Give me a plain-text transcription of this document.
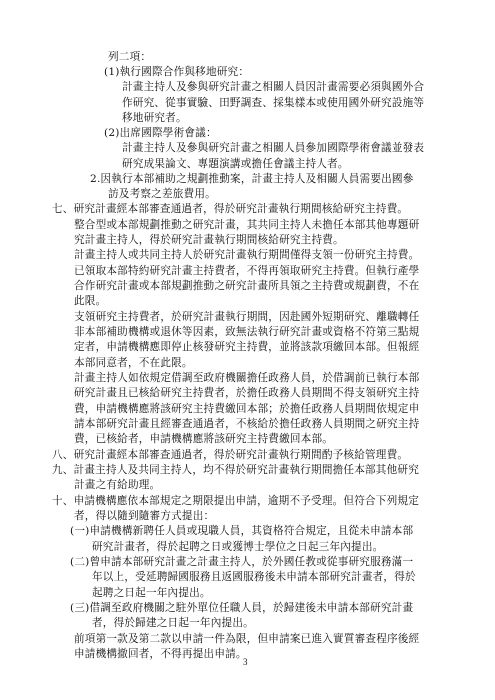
列二項：
(1)執行國際合作與移地研究：
計畫主持人及參與研究計畫之相關人員因計畫需要必須與國外合
作研究、從事實驗、田野調查、採集樣本或使用國外研究設施等
移地研究者。
(2)出席國際學術會議：
計畫主持人及參與研究計畫之相關人員參加國際學術會議並發表
研究成果論文、專題演講或擔任會議主持人者。
2.因執行本部補助之規劃推動案，計畫主持人及相關人員需要出國參
訪及考察之差旅費用。
七、研究計畫經本部審查通過者，得於研究計畫執行期間核給研究主持費。
整合型或本部規劃推動之研究計畫，其共同主持人未擔任本部其他專題研
究計畫主持人，得於研究計畫執行期間核給研究主持費。
計畫主持人或共同主持人於研究計畫執行期間僅得支領一份研究主持費。
已領取本部特約研究計畫主持費者，不得再領取研究主持費。但執行產學
合作研究計畫或本部規劃推動之研究計畫所具領之主持費或規劃費，不在
此限。
支領研究主持費者，於研究計畫執行期間，因赴國外短期研究、離職轉任
非本部補助機構或退休等因素，致無法執行研究計畫或資格不符第三點規
定者，申請機構應即停止核發研究主持費，並將該款項繳回本部。但報經
本部同意者，不在此限。
計畫主持人如依規定借調至政府機關擔任政務人員，於借調前已執行本部
研究計畫且已核給研究主持費者，於擔任政務人員期間不得支領研究主持
費，申請機構應將該研究主持費繳回本部；於擔任政務人員期間依規定申
請本部研究計畫且經審查通過者，不核給於擔任政務人員期間之研究主持
費，已核給者，申請機構應將該研究主持費繳回本部。
八、研究計畫經本部審查通過者，得於研究計畫執行期間酌予核給管理費。
九、計畫主持人及共同主持人，均不得於研究計畫執行期間擔任本部其他研究
計畫之有給助理。
十、申請機構應依本部規定之期限提出申請，逾期不予受理。但符合下列規定
者，得以隨到隨審方式提出：
(一)申請機構新聘任人員或現職人員，其資格符合規定，且從未申請本部
研究計畫者，得於起聘之日或獲博士學位之日起三年內提出。
(二)曾申請本部研究計畫之計畫主持人，於外國任教或從事研究服務滿一
年以上，受延聘歸國服務且返國服務後未申請本部研究計畫者，得於
起聘之日起一年內提出。
(三)借調至政府機關之駐外單位任職人員，於歸建後未申請本部研究計畫
者，得於歸建之日起一年內提出。
前項第一款及第二款以申請一件為限，但申請案已進入實質審查程序後經
申請機構撤回者，不得再提出申請。
3
